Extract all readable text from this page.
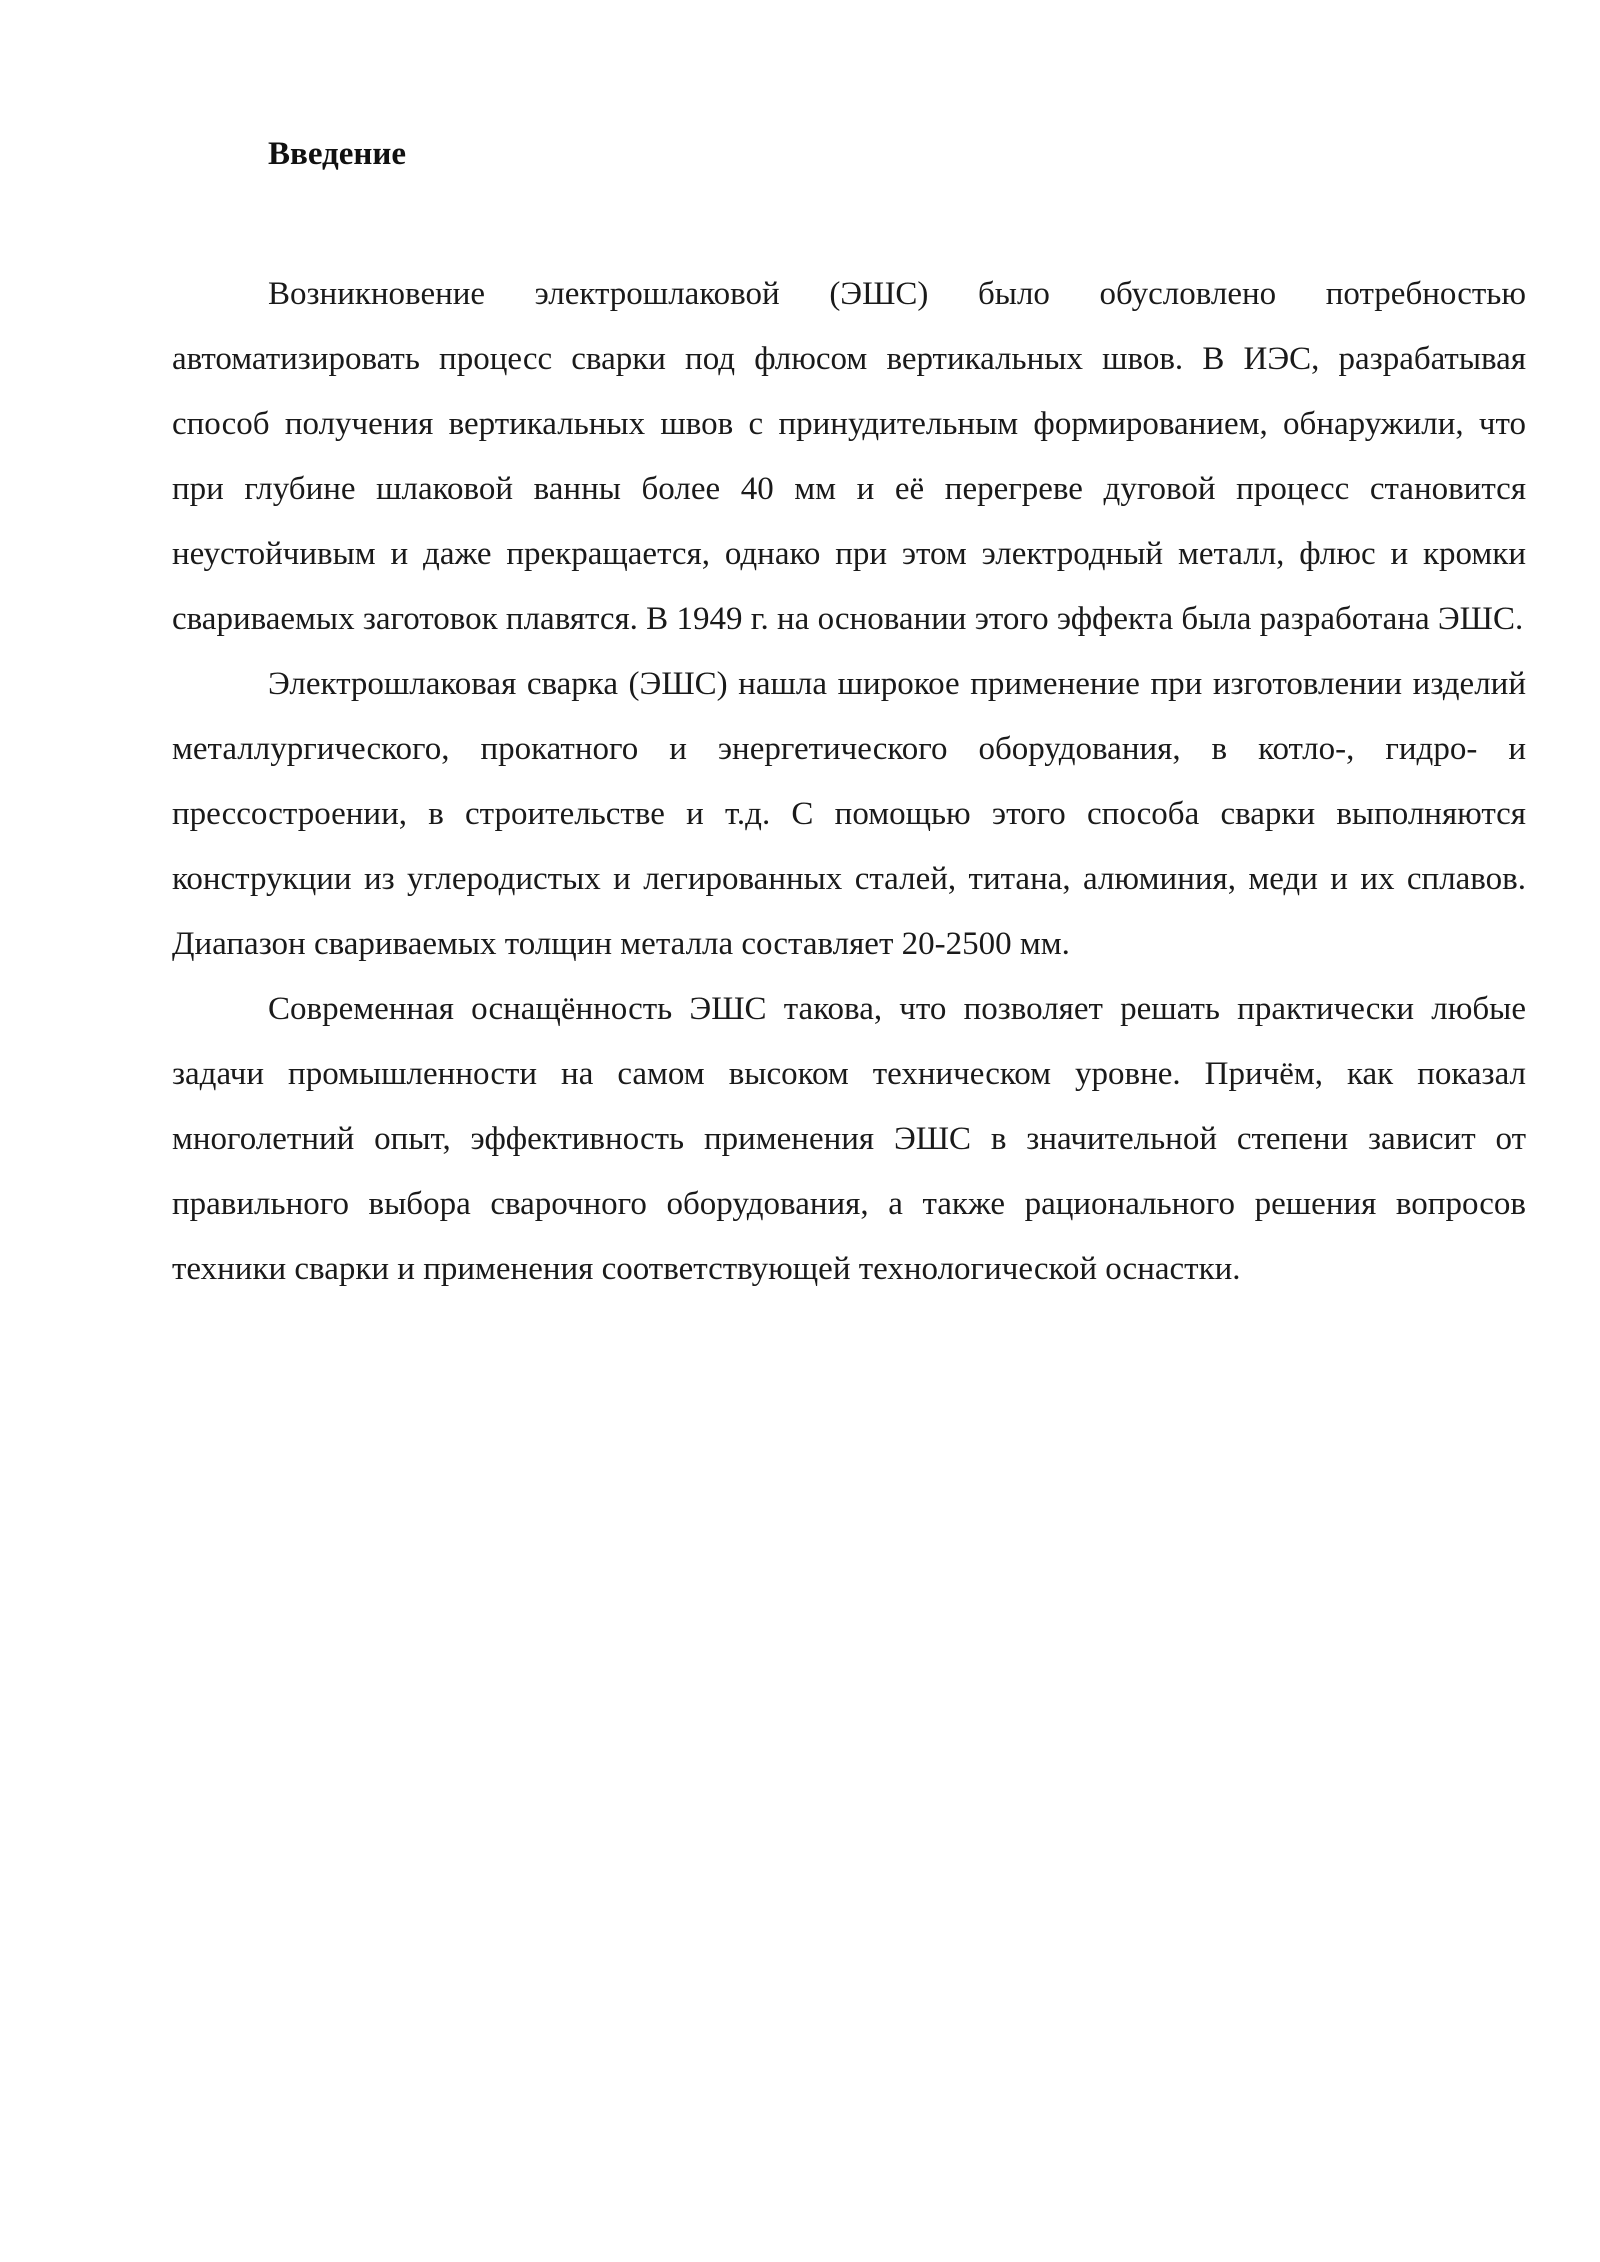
Введение

Возникновение электрошлаковой (ЭШС) было обусловлено потребностью автоматизировать процесс сварки под флюсом вертикальных швов. В ИЭС, разрабатывая способ получения вертикальных швов с принудительным формированием, обнаружили, что при глубине шлаковой ванны более 40 мм и её перегреве дуговой процесс становится неустойчивым и даже прекращается, однако при этом электродный металл, флюс и кромки свариваемых заготовок плавятся. В 1949 г. на основании этого эффекта была разработана ЭШС.

Электрошлаковая сварка (ЭШС) нашла широкое применение при изготовлении изделий металлургического, прокатного и энергетического оборудования, в котло-, гидро- и прессостроении, в строительстве и т.д. С помощью этого способа сварки выполняются конструкции из углеродистых и легированных сталей, титана, алюминия, меди и их сплавов. Диапазон свариваемых толщин металла составляет 20-2500 мм.

Современная оснащённость ЭШС такова, что позволяет решать практически любые задачи промышленности на самом высоком техническом уровне. Причём, как показал многолетний опыт, эффективность применения ЭШС в значительной степени зависит от правильного выбора сварочного оборудования, а также рационального решения вопросов техники сварки и применения соответствующей технологической оснастки.
